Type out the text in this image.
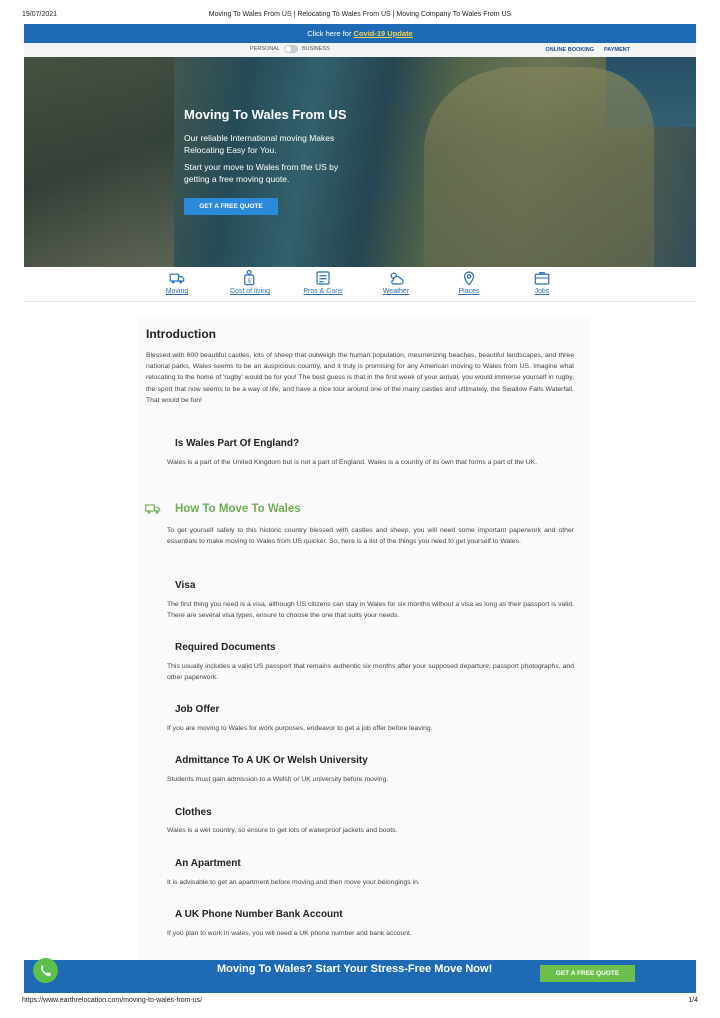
19/07/2021	Moving To Wales From US | Relocating To Wales From US | Moving Company To Wales From US
Click here for Covid-19 Update
PERSONAL	BUSINESS	ONLINE BOOKING PAYMENT
Moving To Wales From US
Our reliable International moving Makes Relocating Easy for You.
Start your move to Wales from the US by getting a free moving quote.
GET A FREE QUOTE
Moving
$
Cost of living	Pros & Cons	Weather	Places	Jobs
Introduction
Blessed with 600 beautiful castles, lots of sheep that outweigh the human population, mesmerizing beaches, beautiful landscapes, and three national parks, Wales seems to be an auspicious country, and it truly is promising for any American moving to Wales from US. Imagine what relocating to the home of 'rugby' would be for you! The best guess is that in the first week of your arrival, you would immerse yourself in rugby, the sport that now seems to be a way of life, and have a nice tour around one of the many castles and ultimately, the Swallow Falls Waterfall. That would be fun!
Is Wales Part Of England?
Wales is a part of the United Kingdom but is not a part of England. Wales is a country of its own that forms a part of the UK.
How To Move To Wales
To get yourself safely to this historic country blessed with castles and sheep, you will need some important paperwork and other essentials to make moving to Wales from US quicker. So, here is a list of the things you need to get yourself to Wales.
Visa
The first thing you need is a visa, although US citizens can stay in Wales for six months without a visa as long as their passport is valid. There are several visa types, ensure to choose the one that suits your needs.
Required Documents
This usually includes a valid US passport that remains authentic six months after your supposed departure, passport photographs, and other paperwork.
Job Offer
If you are moving to Wales for work purposes, endeavor to get a job offer before leaving.
Admittance To A UK Or Welsh University
Students must gain admission to a Welsh or UK university before moving.
Clothes
Wales is a wet country, so ensure to get lots of waterproof jackets and boots.
An Apartment
It is advisable to get an apartment before moving and then move your belongings in.
A UK Phone Number Bank Account
If you plan to work in wales, you will need a UK phone number and bank account.
Moving To Wales? Start Your Stress-Free Move Now!	GET A FREE QUOTE
https://www.earthrelocation.com/moving-to-wales-from-us/	1/4
